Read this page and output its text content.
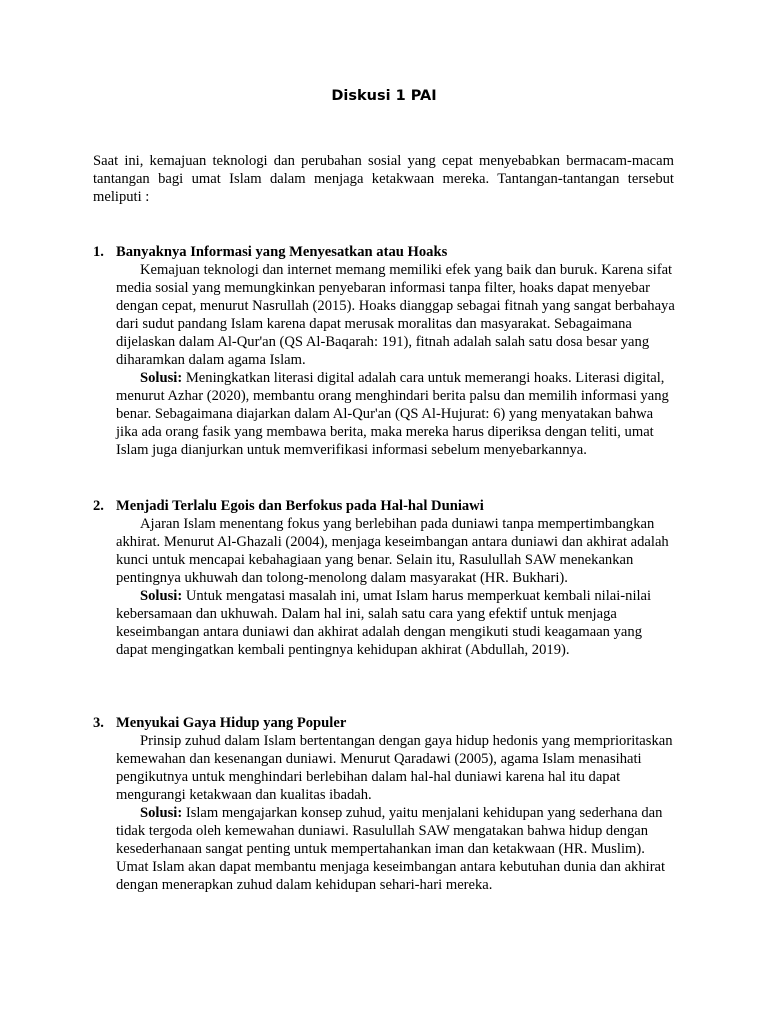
Diskusi 1 PAI

Saat ini, kemajuan teknologi dan perubahan sosial yang cepat menyebabkan bermacam-macam tantangan bagi umat Islam dalam menjaga ketakwaan mereka. Tantangan-tantangan tersebut meliputi :

1. Banyaknya Informasi yang Menyesatkan atau Hoaks

Kemajuan teknologi dan internet memang memiliki efek yang baik dan buruk. Karena sifat media sosial yang memungkinkan penyebaran informasi tanpa filter, hoaks dapat menyebar dengan cepat, menurut Nasrullah (2015). Hoaks dianggap sebagai fitnah yang sangat berbahaya dari sudut pandang Islam karena dapat merusak moralitas dan masyarakat. Sebagaimana dijelaskan dalam Al-Qur'an (QS Al-Baqarah: 191), fitnah adalah salah satu dosa besar yang diharamkan dalam agama Islam.

Solusi: Meningkatkan literasi digital adalah cara untuk memerangi hoaks. Literasi digital, menurut Azhar (2020), membantu orang menghindari berita palsu dan memilih informasi yang benar. Sebagaimana diajarkan dalam Al-Qur'an (QS Al-Hujurat: 6) yang menyatakan bahwa jika ada orang fasik yang membawa berita, maka mereka harus diperiksa dengan teliti, umat Islam juga dianjurkan untuk memverifikasi informasi sebelum menyebarkannya.

2. Menjadi Terlalu Egois dan Berfokus pada Hal-hal Duniawi

Ajaran Islam menentang fokus yang berlebihan pada duniawi tanpa mempertimbangkan akhirat. Menurut Al-Ghazali (2004), menjaga keseimbangan antara duniawi dan akhirat adalah kunci untuk mencapai kebahagiaan yang benar. Selain itu, Rasulullah SAW menekankan pentingnya ukhuwah dan tolong-menolong dalam masyarakat (HR. Bukhari).

Solusi: Untuk mengatasi masalah ini, umat Islam harus memperkuat kembali nilai-nilai kebersamaan dan ukhuwah. Dalam hal ini, salah satu cara yang efektif untuk menjaga keseimbangan antara duniawi dan akhirat adalah dengan mengikuti studi keagamaan yang dapat mengingatkan kembali pentingnya kehidupan akhirat (Abdullah, 2019).

3. Menyukai Gaya Hidup yang Populer

Prinsip zuhud dalam Islam bertentangan dengan gaya hidup hedonis yang memprioritaskan kemewahan dan kesenangan duniawi. Menurut Qaradawi (2005), agama Islam menasihati pengikutnya untuk menghindari berlebihan dalam hal-hal duniawi karena hal itu dapat mengurangi ketakwaan dan kualitas ibadah.

Solusi: Islam mengajarkan konsep zuhud, yaitu menjalani kehidupan yang sederhana dan tidak tergoda oleh kemewahan duniawi. Rasulullah SAW mengatakan bahwa hidup dengan kesederhanaan sangat penting untuk mempertahankan iman dan ketakwaan (HR. Muslim). Umat Islam akan dapat membantu menjaga keseimbangan antara kebutuhan dunia dan akhirat dengan menerapkan zuhud dalam kehidupan sehari-hari mereka.
